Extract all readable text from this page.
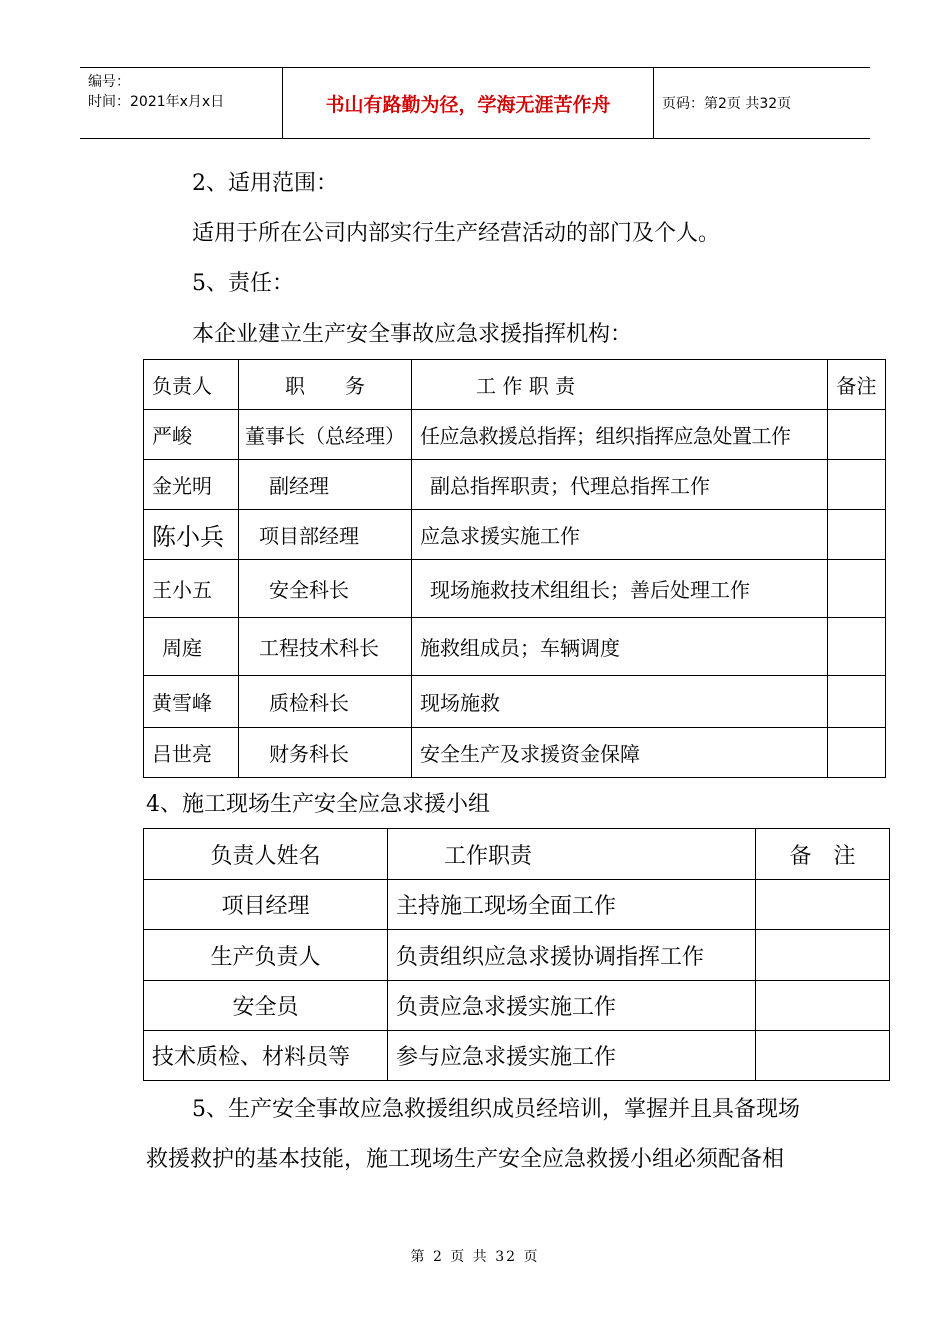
编号：
时间：2021年x月x日	书山有路勤为径，学海无涯苦作舟	页码：第2页 共32页
2、适用范围：
适用于所在公司内部实行生产经营活动的部门及个人。
5、责任：
本企业建立生产安全事故应急求援指挥机构：
负责人	职　　务	工 作 职 责	备注
严峻	董事长（总经理）	任应急救援总指挥；组织指挥应急处置工作	
金光明	副经理	副总指挥职责；代理总指挥工作	
陈小兵	项目部经理	应急求援实施工作	
王小五	安全科长	现场施救技术组组长；善后处理工作	
周庭	工程技术科长	施救组成员；车辆调度	
黄雪峰	质检科长	现场施救	
吕世亮	财务科长	安全生产及求援资金保障	
4、施工现场生产安全应急求援小组
负责人姓名	工作职责	备　注
项目经理	主持施工现场全面工作	
生产负责人	负责组织应急求援协调指挥工作	
安全员	负责应急求援实施工作	
技术质检、材料员等	参与应急求援实施工作	
5、生产安全事故应急救援组织成员经培训，掌握并且具备现场
救援救护的基本技能，施工现场生产安全应急救援小组必须配备相
第 2 页 共 32 页
